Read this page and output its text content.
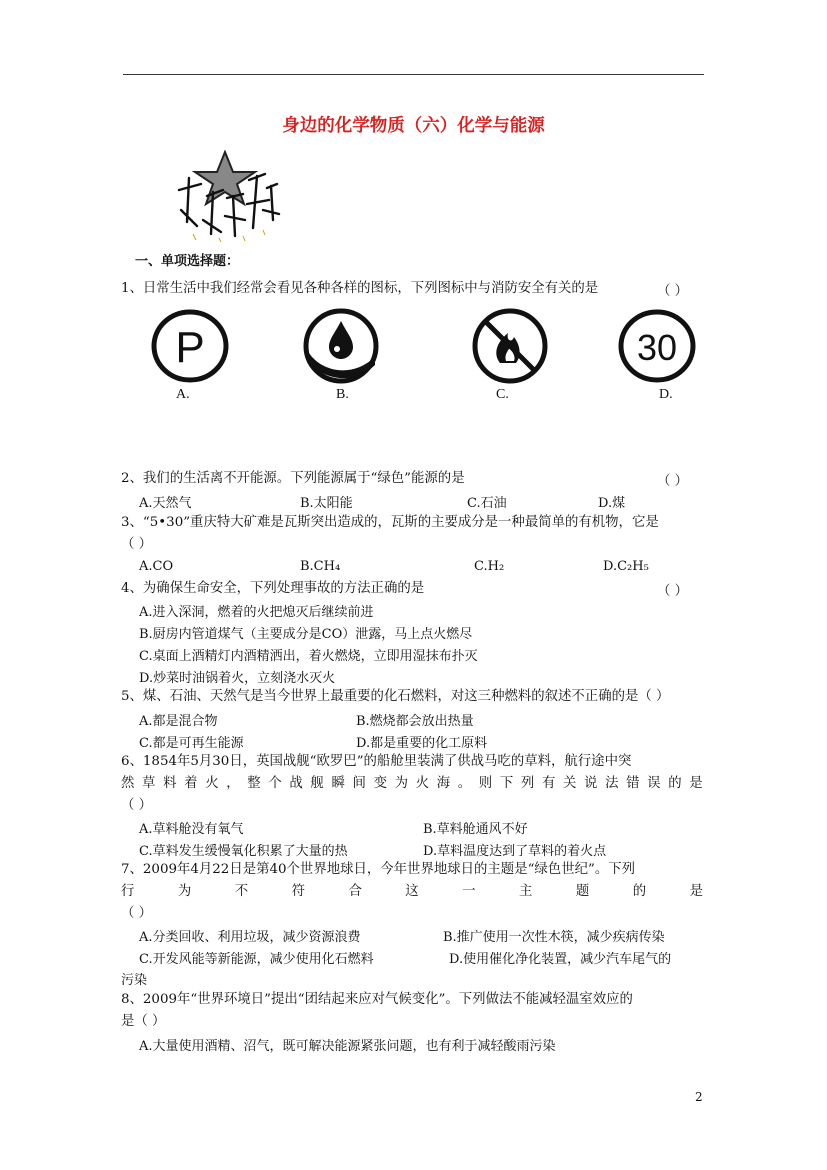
身边的化学物质（六）化学与能源
一、单项选择题：
1、日常生活中我们经常会看见各种各样的图标，下列图标中与消防安全有关的是	（ ）
P
A.	B.	C.
30
D.
2、我们的生活离不开能源。下列能源属于“绿色”能源的是	（ ）
A.天然气	B.太阳能	C.石油	D.煤
3、“5•30”重庆特大矿难是瓦斯突出造成的，瓦斯的主要成分是一种最简单的有机物，它是
（ ）
A.CO	B.CH₄	C.H₂	D.C₂H₅
4、为确保生命安全，下列处理事故的方法正确的是	（ ）
A.进入深洞，燃着的火把熄灭后继续前进
B.厨房内管道煤气（主要成分是CO）泄露，马上点火燃尽
C.桌面上酒精灯内酒精洒出，着火燃烧，立即用湿抹布扑灭
D.炒菜时油锅着火，立刻浇水灭火
5、煤、石油、天然气是当今世界上最重要的化石燃料，对这三种燃料的叙述不正确的是（ ）
A.都是混合物	B.燃烧都会放出热量
C.都是可再生能源	D.都是重要的化工原料
6、1854年5月30日，英国战舰“欧罗巴”的船舱里装满了供战马吃的草料，航行途中突
然 草 料 着 火 ， 整 个 战 舰 瞬 间 变 为 火 海 。 则 下 列 有 关 说 法 错 误 的 是
（ ）
A.草料舱没有氧气	B.草料舱通风不好
C.草料发生缓慢氧化积累了大量的热	D.草料温度达到了草料的着火点
7、2009年4月22日是第40个世界地球日，今年世界地球日的主题是“绿色世纪”。下列
行	为	不	符	合	这	一	主	题	的	是
（ ）
A.分类回收、利用垃圾，减少资源浪费	B.推广使用一次性木筷，减少疾病传染
C.开发风能等新能源，减少使用化石燃料	D.使用催化净化装置，减少汽车尾气的
污染
8、2009年“世界环境日”提出“团结起来应对气候变化”。下列做法不能减轻温室效应的
是（ ）
A.大量使用酒精、沼气，既可解决能源紧张问题，也有利于减轻酸雨污染
2
